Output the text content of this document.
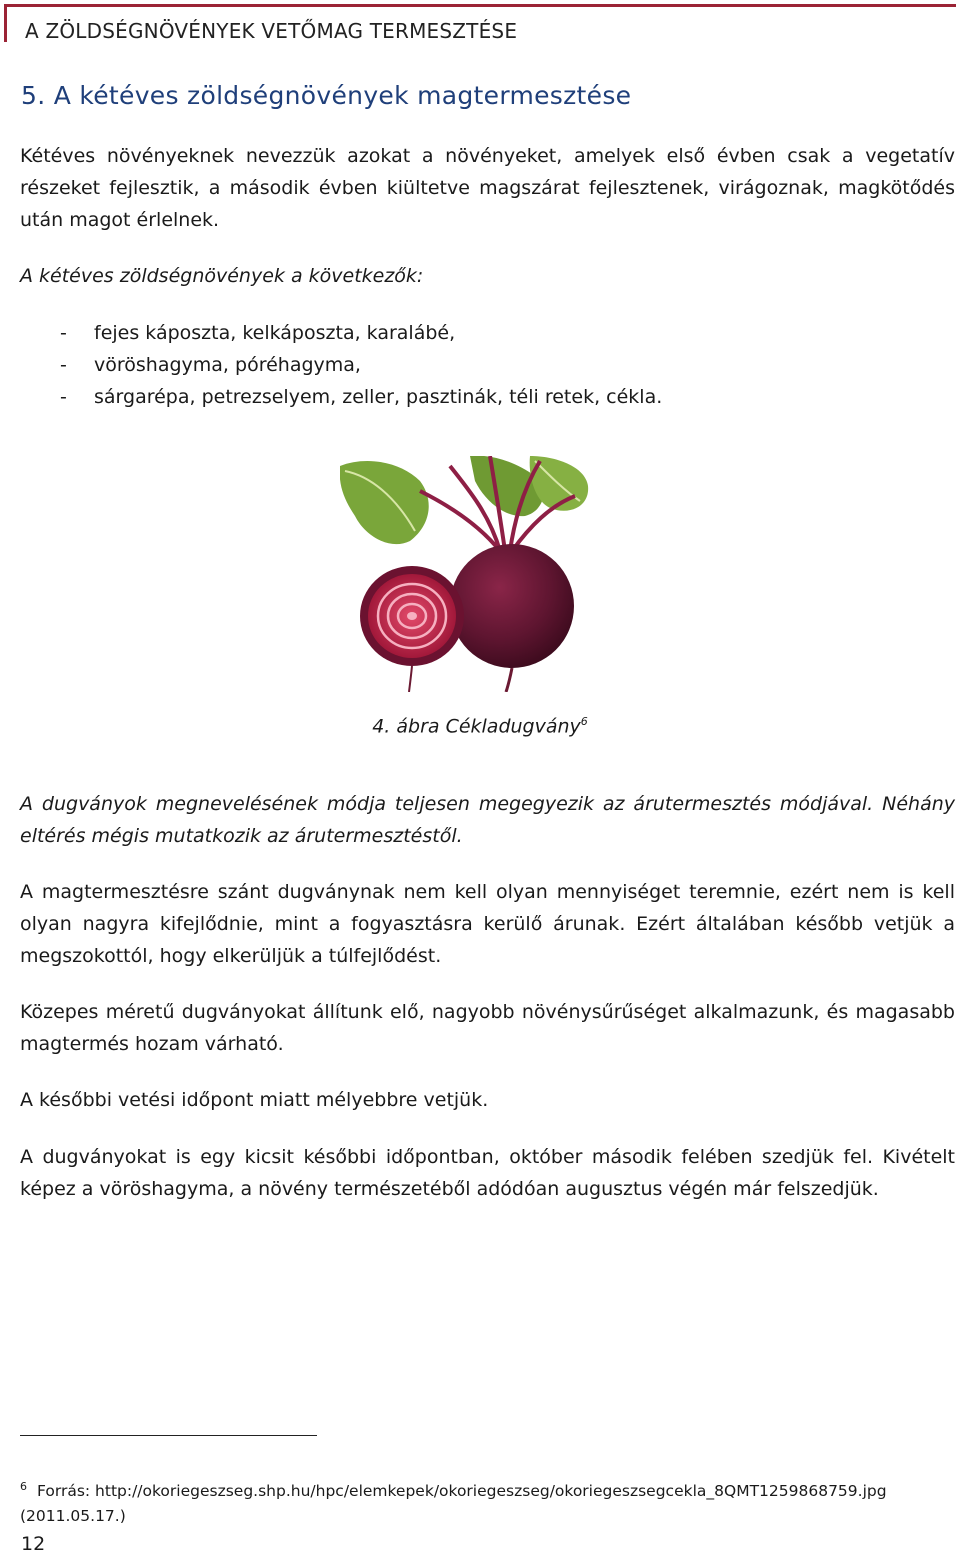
A ZÖLDSÉGNÖVÉNYEK VETŐMAG TERMESZTÉSE
5. A kétéves zöldségnövények magtermesztése

Kétéves növényeknek nevezzük azokat a növényeket, amelyek első évben csak a vegetatív részeket fejlesztik, a második évben kiültetve magszárat fejlesztenek, virágoznak, magkötődés után magot érlelnek.

A kétéves zöldségnövények a következők:

- fejes káposzta, kelkáposzta, karalábé,
- vöröshagyma, póréhagyma,
- sárgarépa, petrezselyem, zeller, pasztinák, téli retek, cékla.
4. ábra Cékladugvány$^6$

A dugványok megnevelésének módja teljesen megegyezik az árutermesztés módjával. Néhány eltérés mégis mutatkozik az árutermesztéstől.

A magtermesztésre szánt dugványnak nem kell olyan mennyiséget teremnie, ezért nem is kell olyan nagyra kifejlődnie, mint a fogyasztásra kerülő árunak. Ezért általában később vetjük a megszokottól, hogy elkerüljük a túlfejlődést.

Közepes méretű dugványokat állítunk elő, nagyobb növénysűrűséget alkalmazunk, és magasabb magtermés hozam várható.

A későbbi vetési időpont miatt mélyebbre vetjük.

A dugványokat is egy kicsit későbbi időpontban, október második felében szedjük fel. Kivételt képez a vöröshagyma, a növény természetéből adódóan augusztus végén már felszedjük.

$^6$ Forrás: http://okoriegeszseg.shp.hu/hpc/elemkepek/okoriegeszseg/okoriegeszsegcekla_8QMT1259868759.jpg (2011.05.17.)

12
